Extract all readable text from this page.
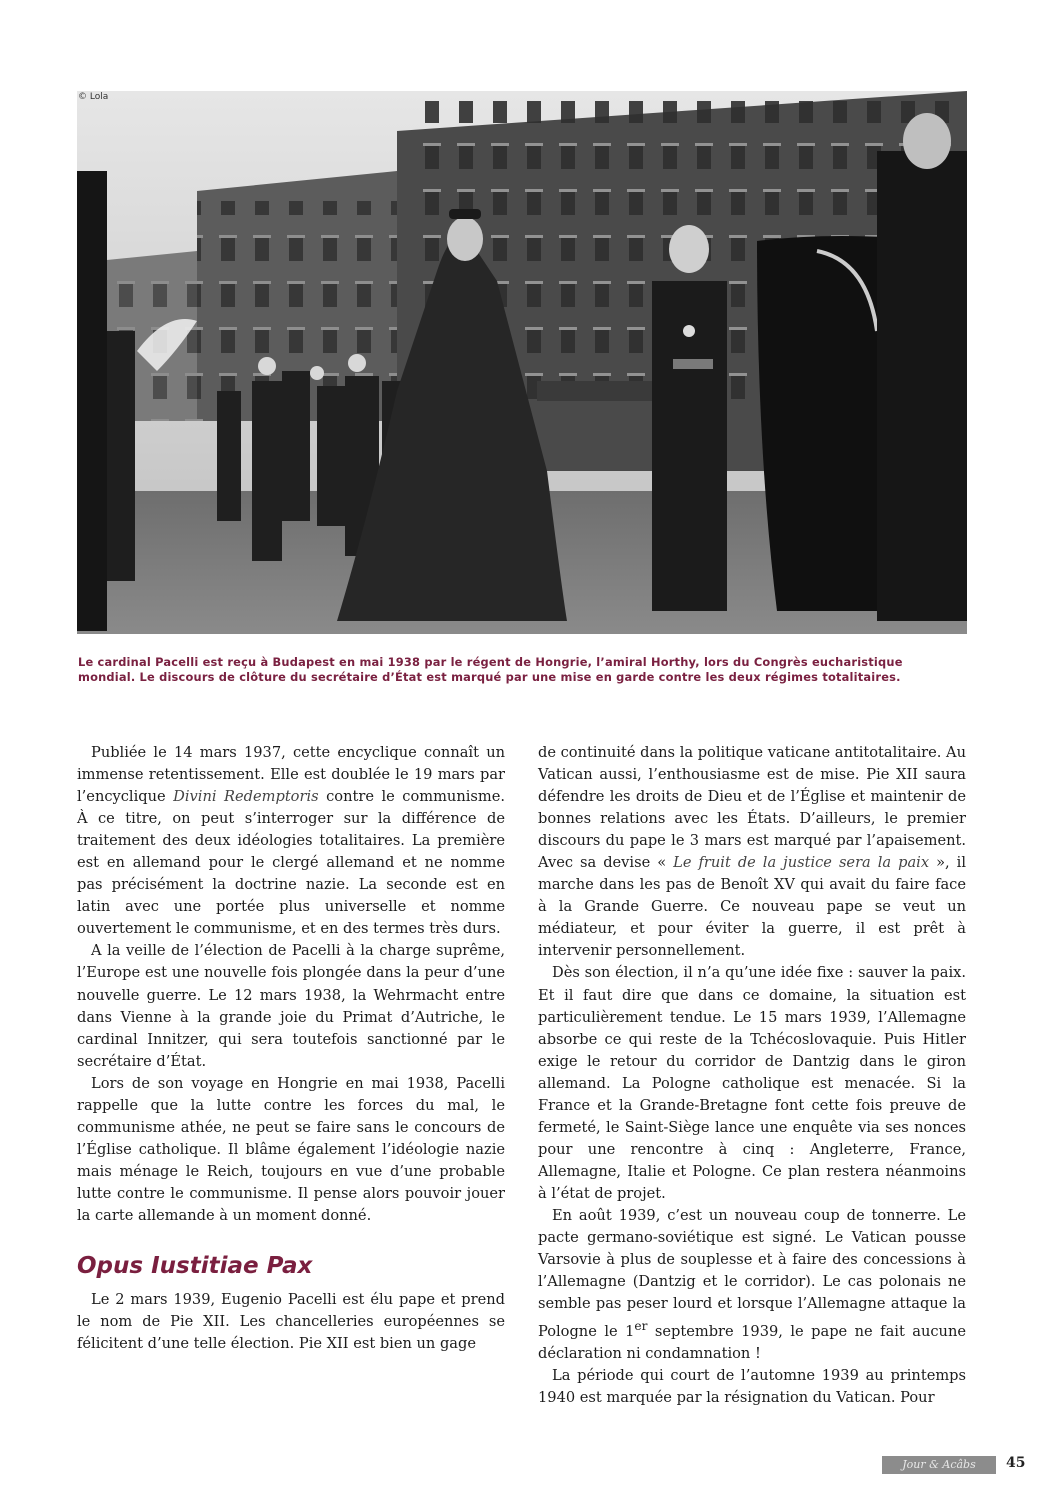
© Lola
Le cardinal Pacelli est reçu à Budapest en mai 1938 par le régent de Hongrie, l’amiral Horthy, lors du Congrès eucharistique mondial. Le discours de clôture du secrétaire d’État est marqué par une mise en garde contre les deux régimes totalitaires.

Publiée le 14 mars 1937, cette encyclique connaît un immense retentissement. Elle est doublée le 19 mars par l’encyclique Divini Redemptoris contre le communisme. À ce titre, on peut s’interroger sur la différence de traitement des deux idéologies totalitaires. La première est en allemand pour le clergé allemand et ne nomme pas précisément la doctrine nazie. La seconde est en latin avec une portée plus universelle et nomme ouvertement le communisme, et en des termes très durs.

A la veille de l’élection de Pacelli à la charge suprême, l’Europe est une nouvelle fois plongée dans la peur d’une nouvelle guerre. Le 12 mars 1938, la Wehrmacht entre dans Vienne à la grande joie du Primat d’Autriche, le cardinal Innitzer, qui sera toutefois sanctionné par le secrétaire d’État.

Lors de son voyage en Hongrie en mai 1938, Pacelli rappelle que la lutte contre les forces du mal, le communisme athée, ne peut se faire sans le concours de l’Église catholique. Il blâme également l’idéologie nazie mais ménage le Reich, toujours en vue d’une probable lutte contre le communisme. Il pense alors pouvoir jouer la carte allemande à un moment donné.

Opus Iustitiae Pax

Le 2 mars 1939, Eugenio Pacelli est élu pape et prend le nom de Pie XII. Les chancelleries européennes se félicitent d’une telle élection. Pie XII est bien un gage

de continuité dans la politique vaticane antitotalitaire. Au Vatican aussi, l’enthousiasme est de mise. Pie XII saura défendre les droits de Dieu et de l’Église et maintenir de bonnes relations avec les États. D’ailleurs, le premier discours du pape le 3 mars est marqué par l’apaisement. Avec sa devise « Le fruit de la justice sera la paix », il marche dans les pas de Benoît XV qui avait du faire face à la Grande Guerre. Ce nouveau pape se veut un médiateur, et pour éviter la guerre, il est prêt à intervenir personnellement.

Dès son élection, il n’a qu’une idée fixe : sauver la paix. Et il faut dire que dans ce domaine, la situation est particulièrement tendue. Le 15 mars 1939, l’Allemagne absorbe ce qui reste de la Tchécoslovaquie. Puis Hitler exige le retour du corridor de Dantzig dans le giron allemand. La Pologne catholique est menacée. Si la France et la Grande-Bretagne font cette fois preuve de fermeté, le Saint-Siège lance une enquête via ses nonces pour une rencontre à cinq : Angleterre, France, Allemagne, Italie et Pologne. Ce plan restera néanmoins à l’état de projet.

En août 1939, c’est un nouveau coup de tonnerre. Le pacte germano-soviétique est signé. Le Vatican pousse Varsovie à plus de souplesse et à faire des concessions à l’Allemagne (Dantzig et le corridor). Le cas polonais ne semble pas peser lourd et lorsque l’Allemagne attaque la Pologne le 1er septembre 1939, le pape ne fait aucune déclaration ni condamnation !

La période qui court de l’automne 1939 au printemps 1940 est marquée par la résignation du Vatican. Pour

Jour & Acâbs	45
